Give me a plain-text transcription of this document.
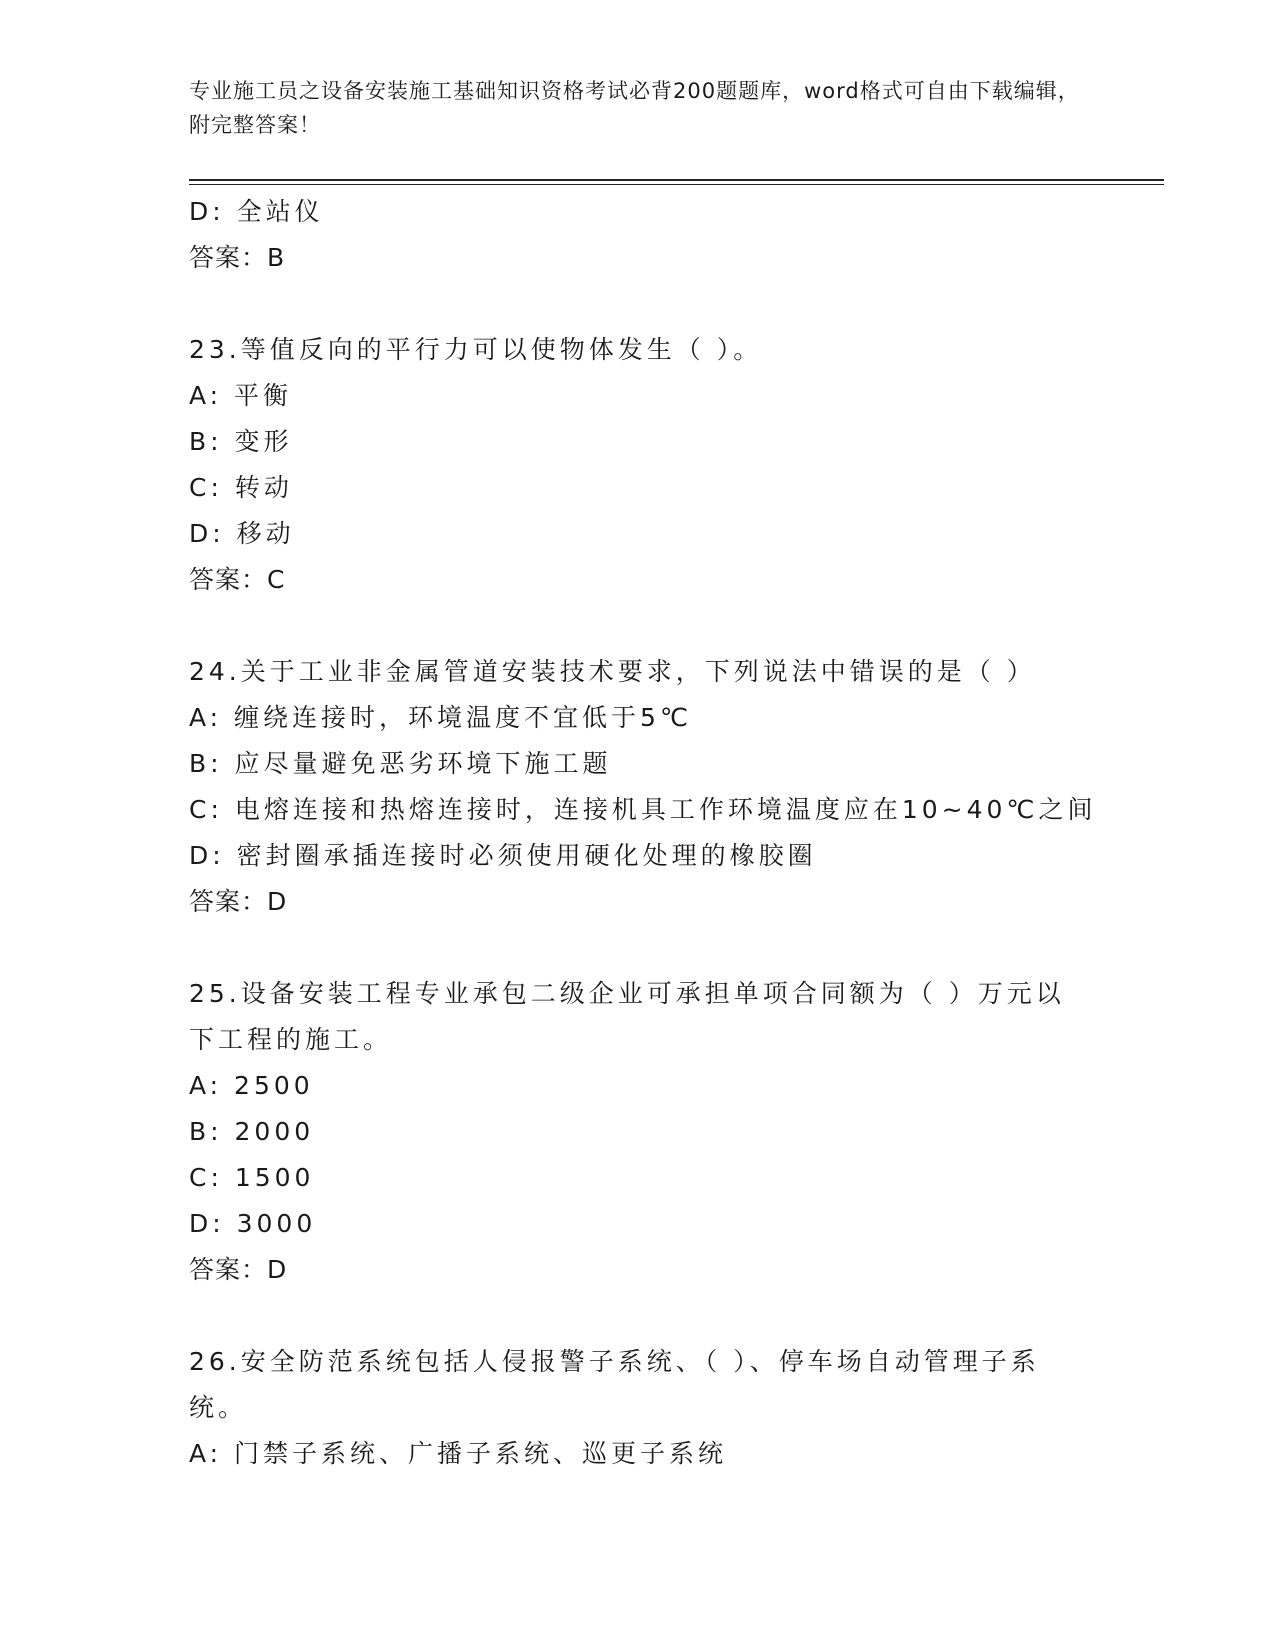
专业施工员之设备安装施工基础知识资格考试必背200题题库，word格式可自由下载编辑，附完整答案！
D: 全站仪
答案：B
23.等值反向的平行力可以使物体发生（ ）。
A: 平衡
B: 变形
C: 转动
D: 移动
答案：C
24.关于工业非金属管道安装技术要求，下列说法中错误的是（ ）
A: 缠绕连接时，环境温度不宜低于5℃
B: 应尽量避免恶劣环境下施工题
C: 电熔连接和热熔连接时，连接机具工作环境温度应在10~40℃之间
D: 密封圈承插连接时必须使用硬化处理的橡胶圈
答案：D
25.设备安装工程专业承包二级企业可承担单项合同额为（ ）万元以下工程的施工。
A: 2500
B: 2000
C: 1500
D: 3000
答案：D
26.安全防范系统包括人侵报警子系统、（ ）、停车场自动管理子系统。
A: 门禁子系统、广播子系统、巡更子系统
